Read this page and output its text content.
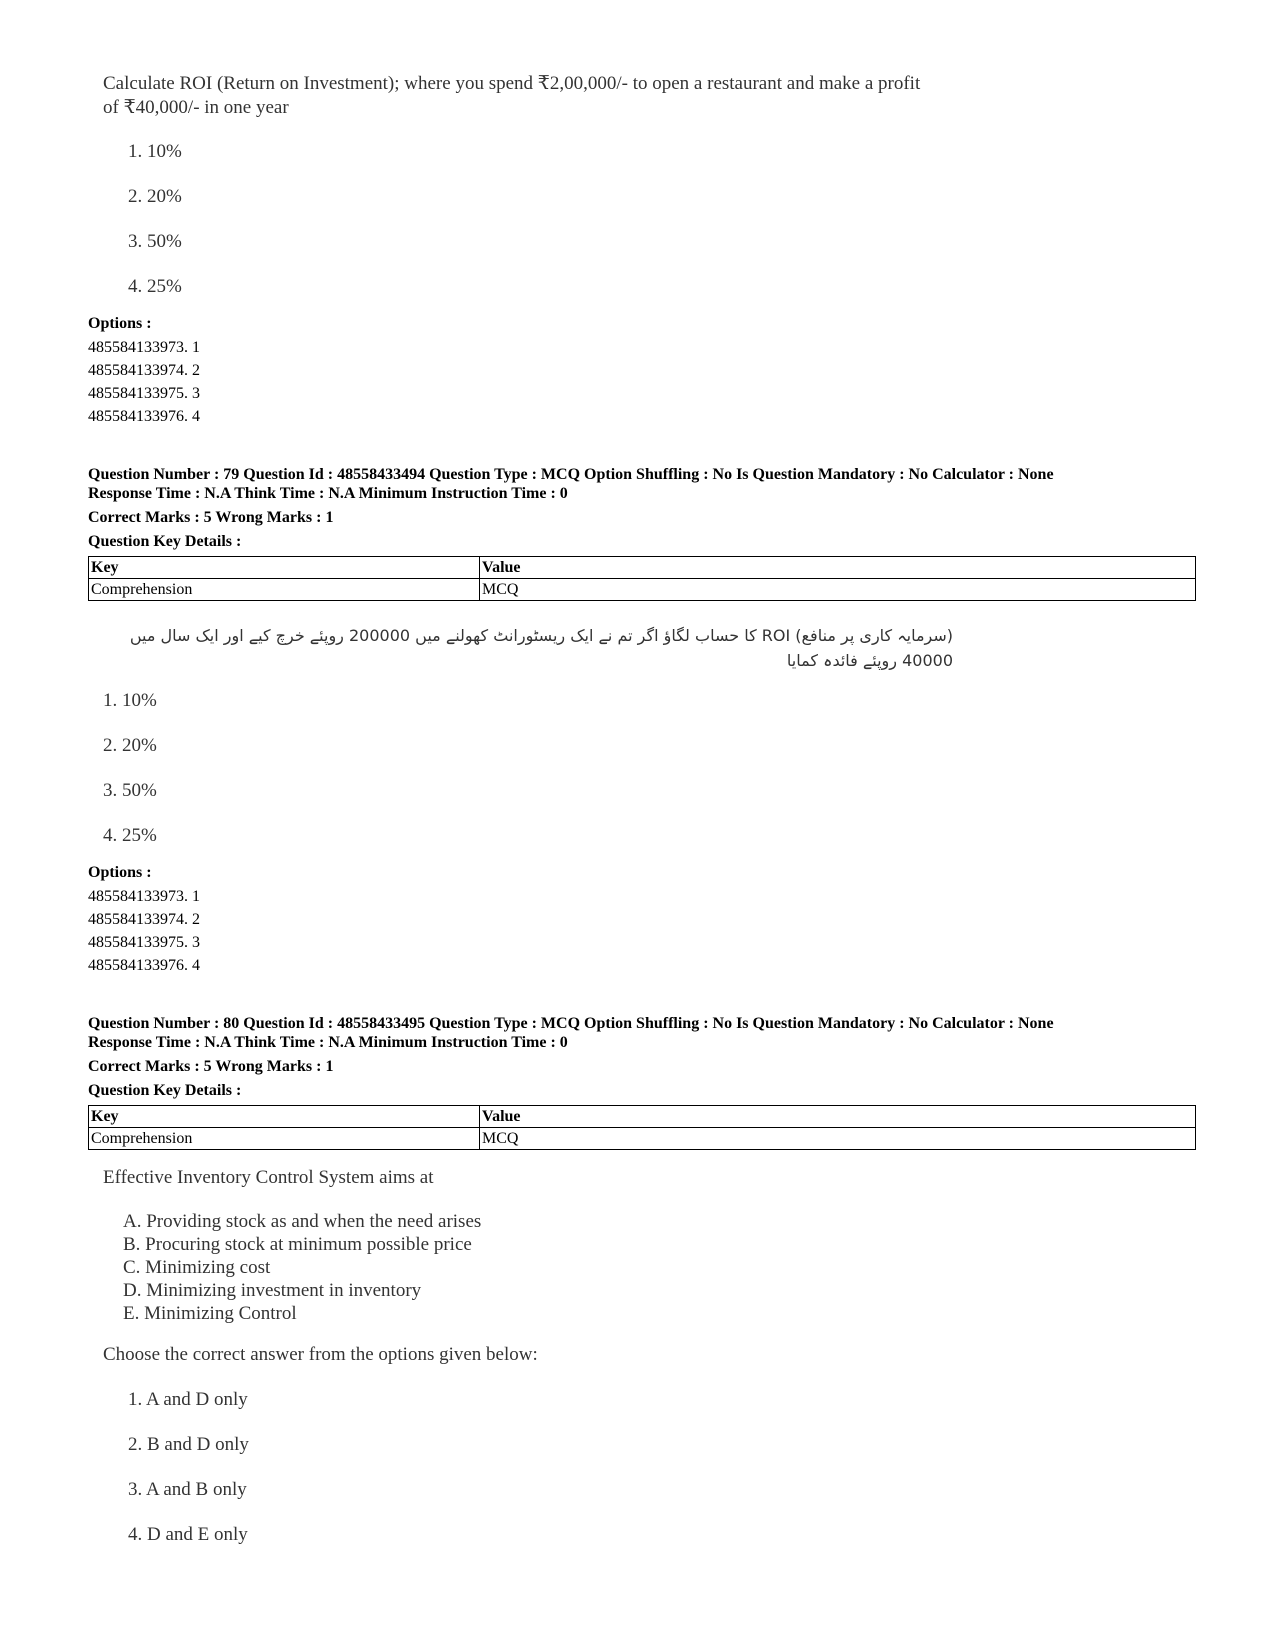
Calculate ROI (Return on Investment); where you spend ₹2,00,000/- to open a restaurant and make a profit
of ₹40,000/- in one year
1. 10%
2. 20%
3. 50%
4. 25%
Options :
485584133973. 1
485584133974. 2
485584133975. 3
485584133976. 4
Question Number : 79 Question Id : 48558433494 Question Type : MCQ Option Shuffling : No Is Question Mandatory : No Calculator : None
Response Time : N.A Think Time : N.A Minimum Instruction Time : 0
Correct Marks : 5 Wrong Marks : 1
Question Key Details :
Key	Value
Comprehension	MCQ
(سرمایہ کاری پر منافع) ROI کا حساب لگاؤ اگر تم نے ایک ریسٹورانٹ کھولنے میں 200000 روپئے خرچ کیے اور ایک سال میں
40000 روپئے فائدہ کمایا
1. 10%
2. 20%
3. 50%
4. 25%
Options :
485584133973. 1
485584133974. 2
485584133975. 3
485584133976. 4
Question Number : 80 Question Id : 48558433495 Question Type : MCQ Option Shuffling : No Is Question Mandatory : No Calculator : None
Response Time : N.A Think Time : N.A Minimum Instruction Time : 0
Correct Marks : 5 Wrong Marks : 1
Question Key Details :
Key	Value
Comprehension	MCQ
Effective Inventory Control System aims at
A. Providing stock as and when the need arises
B. Procuring stock at minimum possible price
C. Minimizing cost
D. Minimizing investment in inventory
E. Minimizing Control
Choose the correct answer from the options given below:
1. A and D only
2. B and D only
3. A and B only
4. D and E only
